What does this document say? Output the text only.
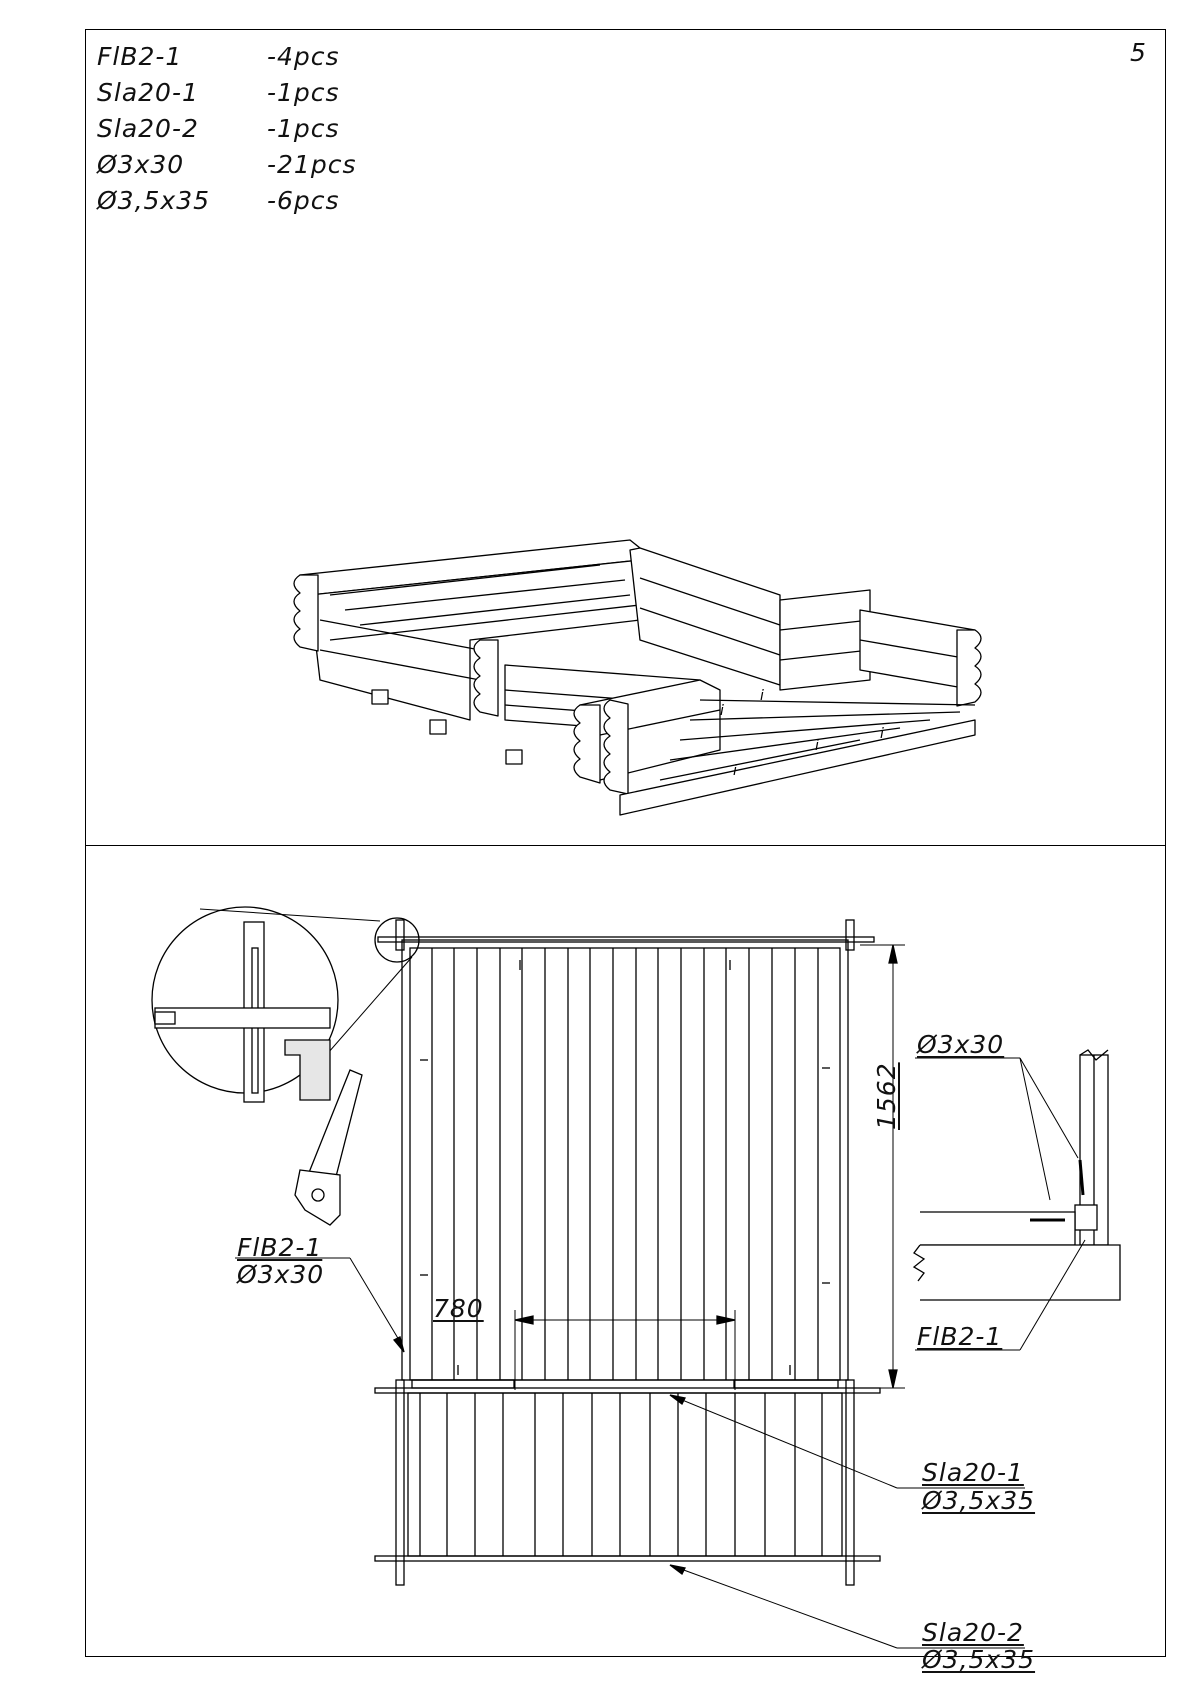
5
FlB2-1	-4pcs
Sla20-1	-1pcs
Sla20-2	-1pcs
Ø3x30	-21pcs
Ø3,5x35	-6pcs
i
i
i
i
i
780
1562
FlB2-1
Ø3x30
Sla20-1
Ø3,5x35
Sla20-2
Ø3,5x35
Ø3x30
FlB2-1
